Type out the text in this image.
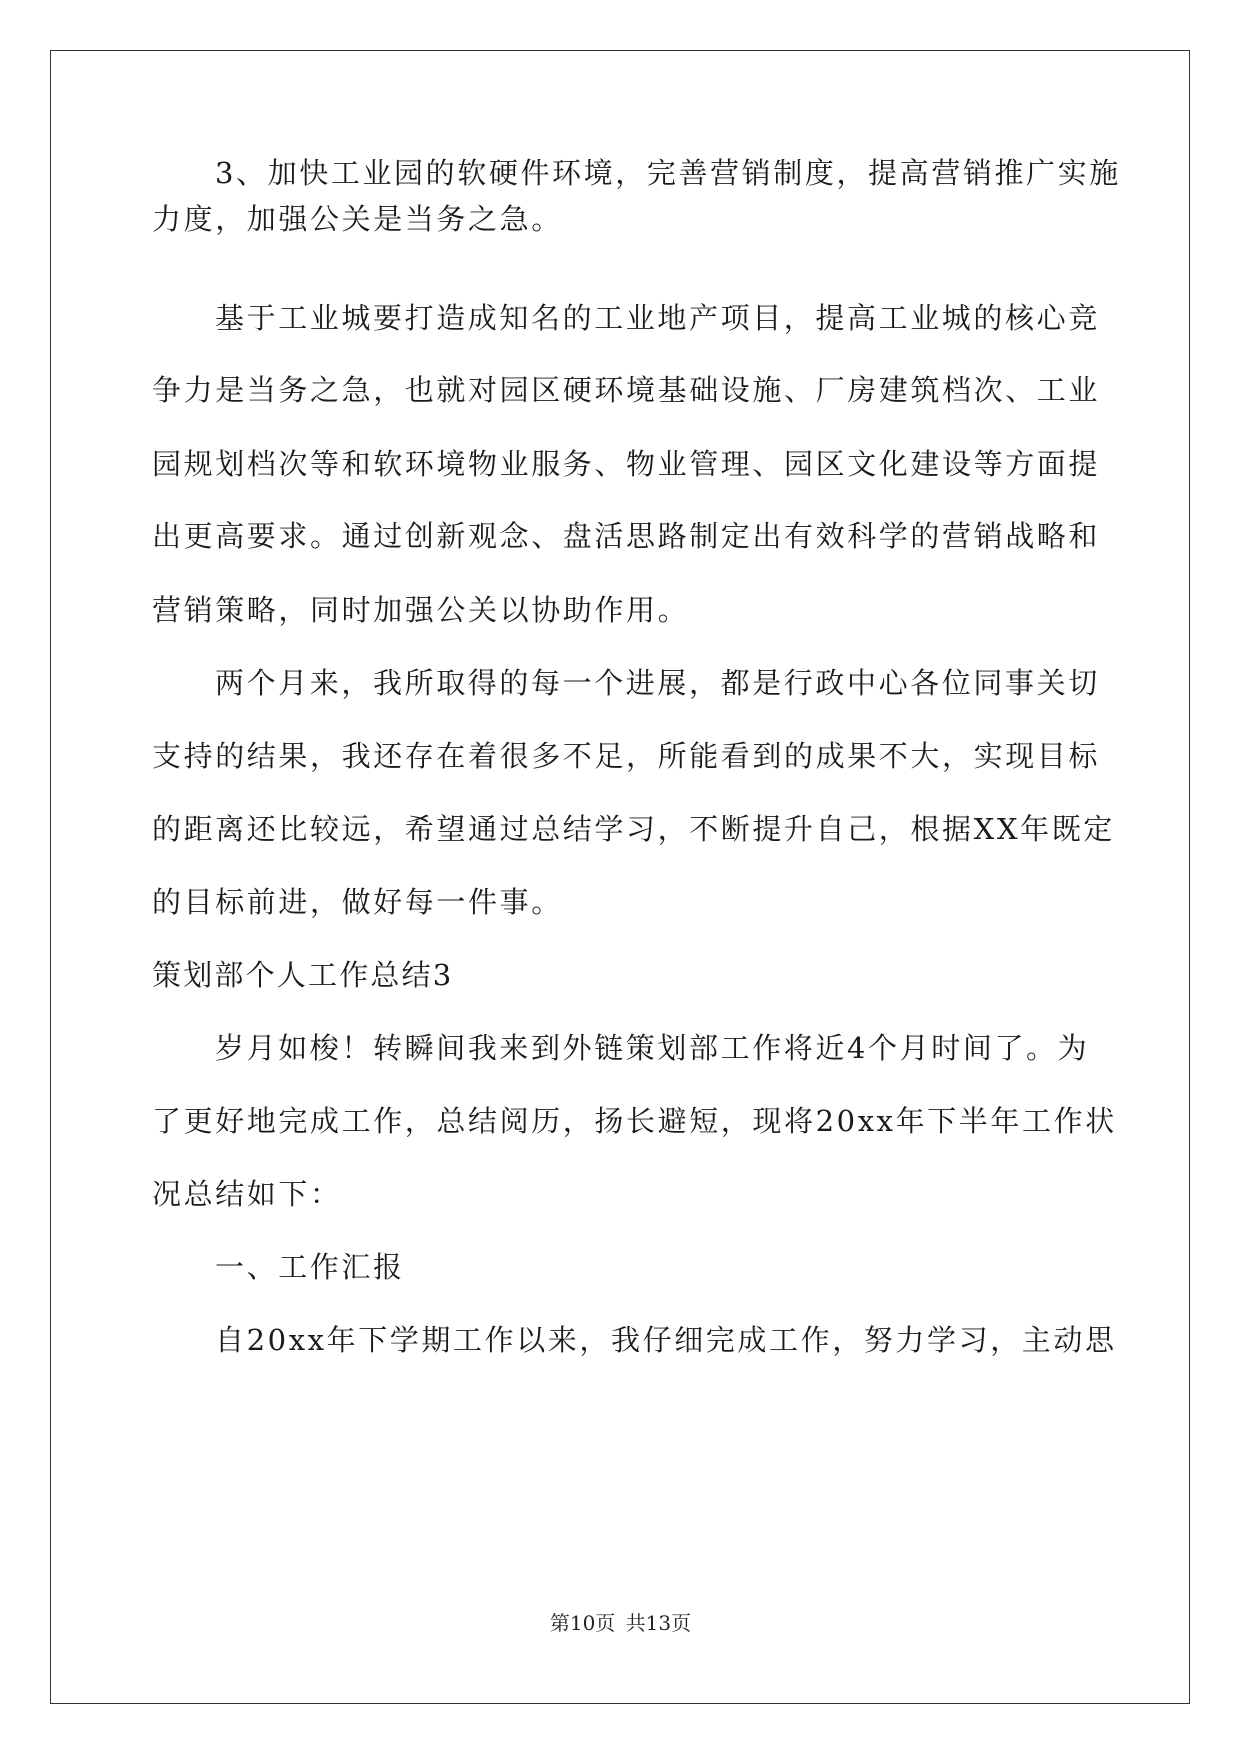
3、加快工业园的软硬件环境，完善营销制度，提高营销推广实施
力度，加强公关是当务之急。
基于工业城要打造成知名的工业地产项目，提高工业城的核心竞
争力是当务之急，也就对园区硬环境基础设施、厂房建筑档次、工业
园规划档次等和软环境物业服务、物业管理、园区文化建设等方面提
出更高要求。通过创新观念、盘活思路制定出有效科学的营销战略和
营销策略，同时加强公关以协助作用。
两个月来，我所取得的每一个进展，都是行政中心各位同事关切
支持的结果，我还存在着很多不足，所能看到的成果不大，实现目标
的距离还比较远，希望通过总结学习，不断提升自己，根据XX年既定
的目标前进，做好每一件事。
策划部个人工作总结3
岁月如梭！转瞬间我来到外链策划部工作将近4个月时间了。为
了更好地完成工作，总结阅历，扬长避短，现将20xx年下半年工作状
况总结如下：
一、工作汇报
自20xx年下学期工作以来，我仔细完成工作，努力学习，主动思
第10页 共13页
